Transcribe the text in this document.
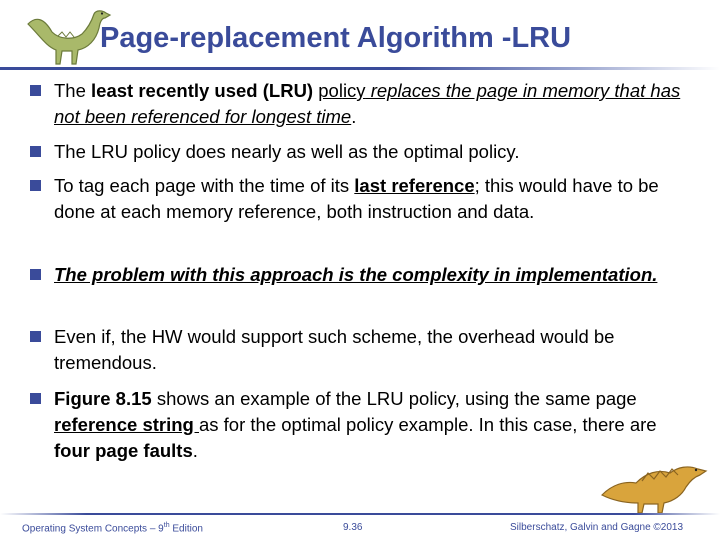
Page-replacement Algorithm -LRU
The least recently used (LRU) policy replaces the page in memory that has not been referenced for longest time.
The LRU policy does nearly as well as the optimal policy.
To tag each page with the time of its last reference; this would have to be done at each memory reference, both instruction and data.
The problem with this approach is the complexity in implementation.
Even if, the HW would support such scheme, the overhead would be tremendous.
Figure 8.15 shows an example of the LRU policy, using the same page reference string as for the optimal policy example. In this case, there are four page faults.
Operating System Concepts – 9th Edition	9.36	Silberschatz, Galvin and Gagne ©2013
